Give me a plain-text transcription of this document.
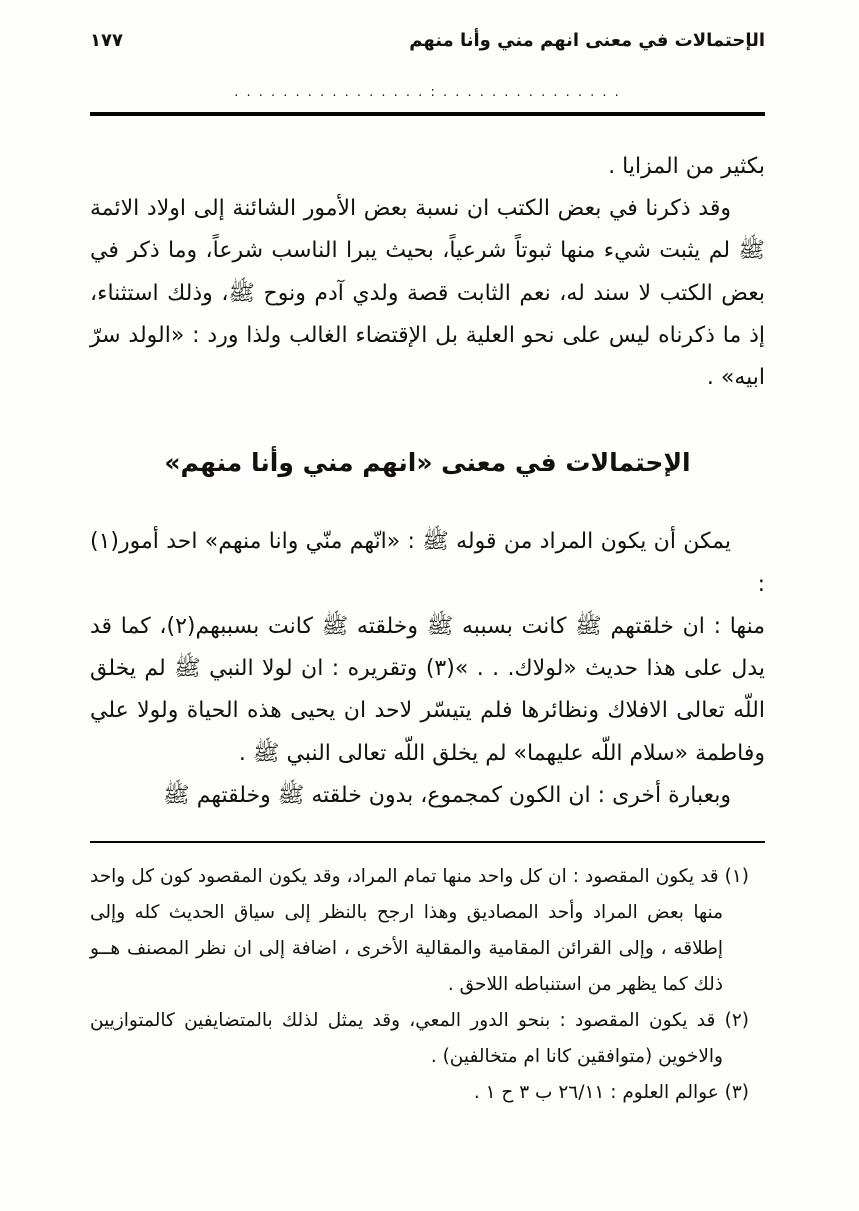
الإحتمالات في معنى انهم مني وأنا منهم
١٧٧
. . . . . . . . . . . . . . . . : . . . . . . . . . . . . . . .

بكثير من المزايا .

وقد ذكرنا في بعض الكتب ان نسبة بعض الأمور الشائنة إلى اولاد الائمة ﷺ لم يثبت شيء منها ثبوتاً شرعياً، بحيث يبرا الناسب شرعاً، وما ذكر في بعض الكتب لا سند له، نعم الثابت قصة ولدي آدم ونوح ﷺ، وذلك استثناء، إذ ما ذكرناه ليس على نحو العلية بل الإقتضاء الغالب ولذا ورد : «الولد سرّ ابيه» .

الإحتمالات في معنى «انهم مني وأنا منهم»

يمكن أن يكون المراد من قوله ﷺ : «انّهم منّي وانا منهم» احد أمور(١) :

منها : ان خلقتهم ﷺ كانت بسببه ﷺ وخلقته ﷺ كانت بسببهم(٢)، كما قد يدل على هذا حديث «لولاك. . . »(٣) وتقريره : ان لولا النبي ﷺ لم يخلق اللّه تعالى الافلاك ونظائرها فلم يتيسّر لاحد ان يحيى هذه الحياة ولولا علي وفاطمة «سلام اللّه عليهما» لم يخلق اللّه تعالى النبي ﷺ .

وبعبارة أخرى : ان الكون كمجموع، بدون خلقته ﷺ وخلقتهم ﷺ

(١) قد يكون المقصود : ان كل واحد منها تمام المراد، وقد يكون المقصود كون كل واحد منها بعض المراد وأحد المصاديق وهذا ارجح بالنظر إلى سياق الحديث كله وإلى إطلاقه ، وإلى القرائن المقامية والمقالية الأخرى ، اضافة إلى ان نظر المصنف هــو ذلك كما يظهر من استنباطه اللاحق .

(٢) قد يكون المقصود : بنحو الدور المعي، وقد يمثل لذلك بالمتضايفين كالمتوازيين والاخوين (متوافقين كانا ام متخالفين) .

(٣) عوالم العلوم : ٢٦/١١ ب ٣ ح ١ .
